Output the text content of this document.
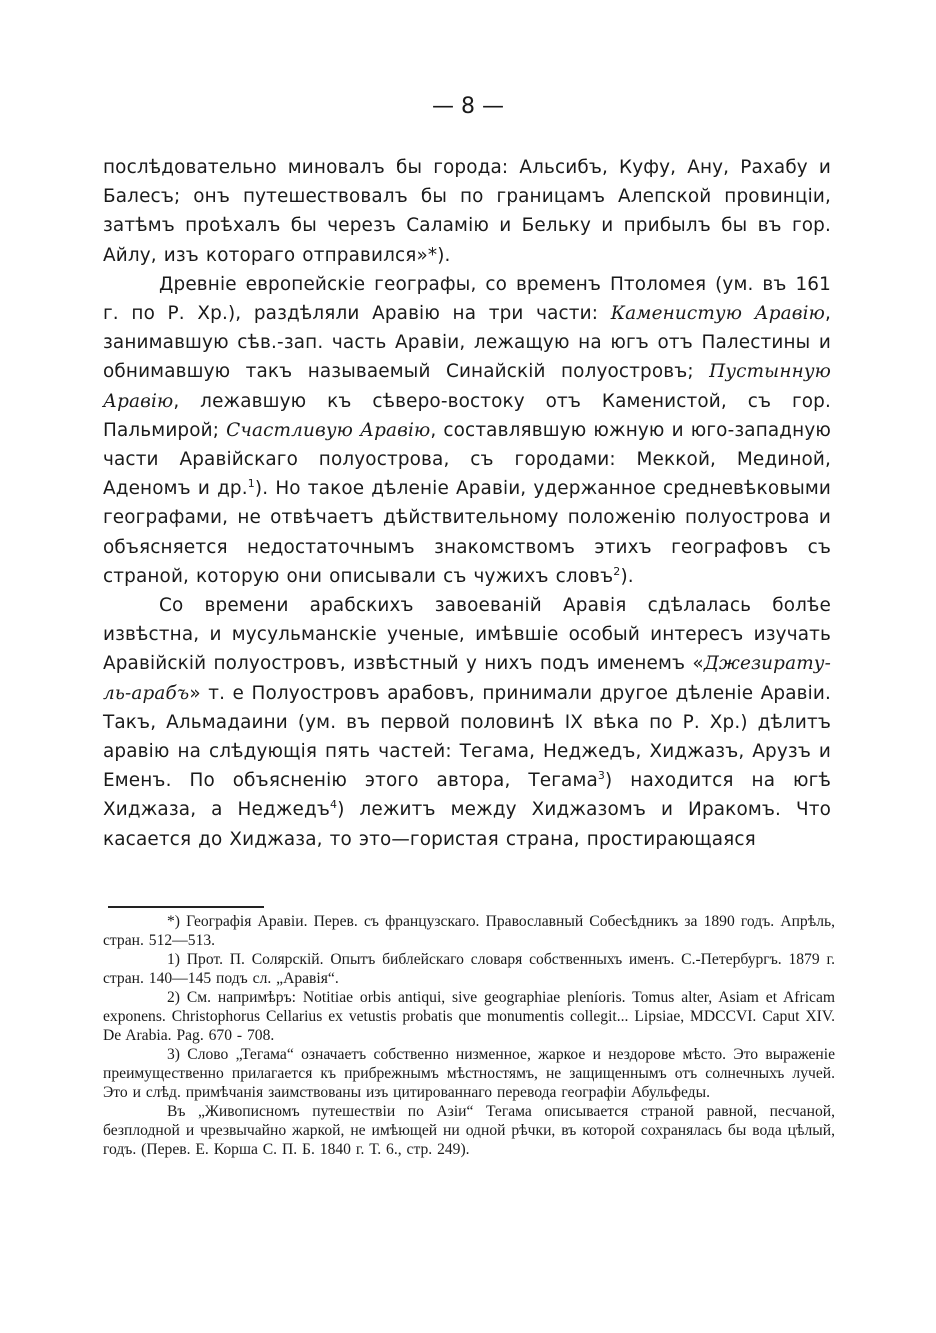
— 8 —

послѣдовательно миновалъ бы города: Альсибъ, Куфу, Ану, Рахабу и Балесъ; онъ путешествовалъ бы по границамъ Алепской провинціи, затѣмъ проѣхалъ бы черезъ Саламію и Бельку и прибылъ бы въ гор. Айлу, изъ котораго отправился»*).

Древніе европейскіе географы, со временъ Птоломея (ум. въ 161 г. по Р. Хр.), раздѣляли Аравію на три части: Каменистую Аравію, занимавшую сѣв.-зап. часть Аравіи, лежащую на югъ отъ Палестины и обнимавшую такъ называемый Синайскій полуостровъ; Пустынную Аравію, лежавшую къ сѣверо-востоку отъ Каменистой, съ гор. Пальмирой; Счастливую Аравію, составлявшую южную и юго-западную части Аравійскаго полуострова, съ городами: Меккой, Мединой, Аденомъ и др.$^1$). Но такое дѣленіе Аравіи, удержанное средневѣковыми географами, не отвѣчаетъ дѣйствительному положенію полуострова и объясняется недостаточнымъ знакомствомъ этихъ географовъ съ страной, которую они описывали съ чужихъ словъ$^2$).

Со времени арабскихъ завоеваній Аравія сдѣлалась болѣе извѣстна, и мусульманскіе ученые, имѣвшіе особый интересъ изучать Аравійскій полуостровъ, извѣстный у нихъ подъ именемъ «Джезирату-ль-арабъ» т. е Полуостровъ арабовъ, принимали другое дѣленіе Аравіи. Такъ, Альмадаини (ум. въ первой половинѣ IX вѣка по Р. Хр.) дѣлитъ аравію на слѣдующія пять частей: Тегама, Неджедъ, Хиджазъ, Арузъ и Еменъ. По объясненію этого автора, Тегама$^3$) находится на югѣ Хиджаза, а Неджедъ$^4$) лежитъ между Хиджазомъ и Иракомъ. Что касается до Хиджаза, то это—гористая страна, простирающаяся

*) Географія Аравіи. Перев. съ французскаго. Православный Собесѣдникъ за 1890 годъ. Апрѣль, стран. 512—513.

1) Прот. П. Солярскій. Опытъ библейскаго словаря собственныхъ именъ. С.-Петербургъ. 1879 г. стран. 140—145 подъ сл. „Аравія“.

2) См. напримѣръ: Notitiae orbis antiqui, sive geographiae pleníoris. Tomus alter, Asiam et Africam exponens. Christophorus Cellarius ex vetustis probatis que monumentis collegit... Lipsiae, MDCCVI. Caput XIV. De Arabia. Pag. 670 - 708.

3) Слово „Тегама“ означаетъ собственно низменное, жаркое и нездорове мѣсто. Это выраженіе преимущественно прилагается къ прибрежнымъ мѣстностямъ, не защищеннымъ отъ солнечныхъ лучей. Это и слѣд. примѣчанія заимствованы изъ цитированнаго перевода географіи Абульфеды.

Въ „Живописномъ путешествіи по Азіи“ Тегама описывается страной равной, песчаной, безплодной и чрезвычайно жаркой, не имѣющей ни одной рѣчки, въ которой сохранялась бы вода цѣлый, годъ. (Перев. Е. Корша С. П. Б. 1840 г. Т. 6., стр. 249).
